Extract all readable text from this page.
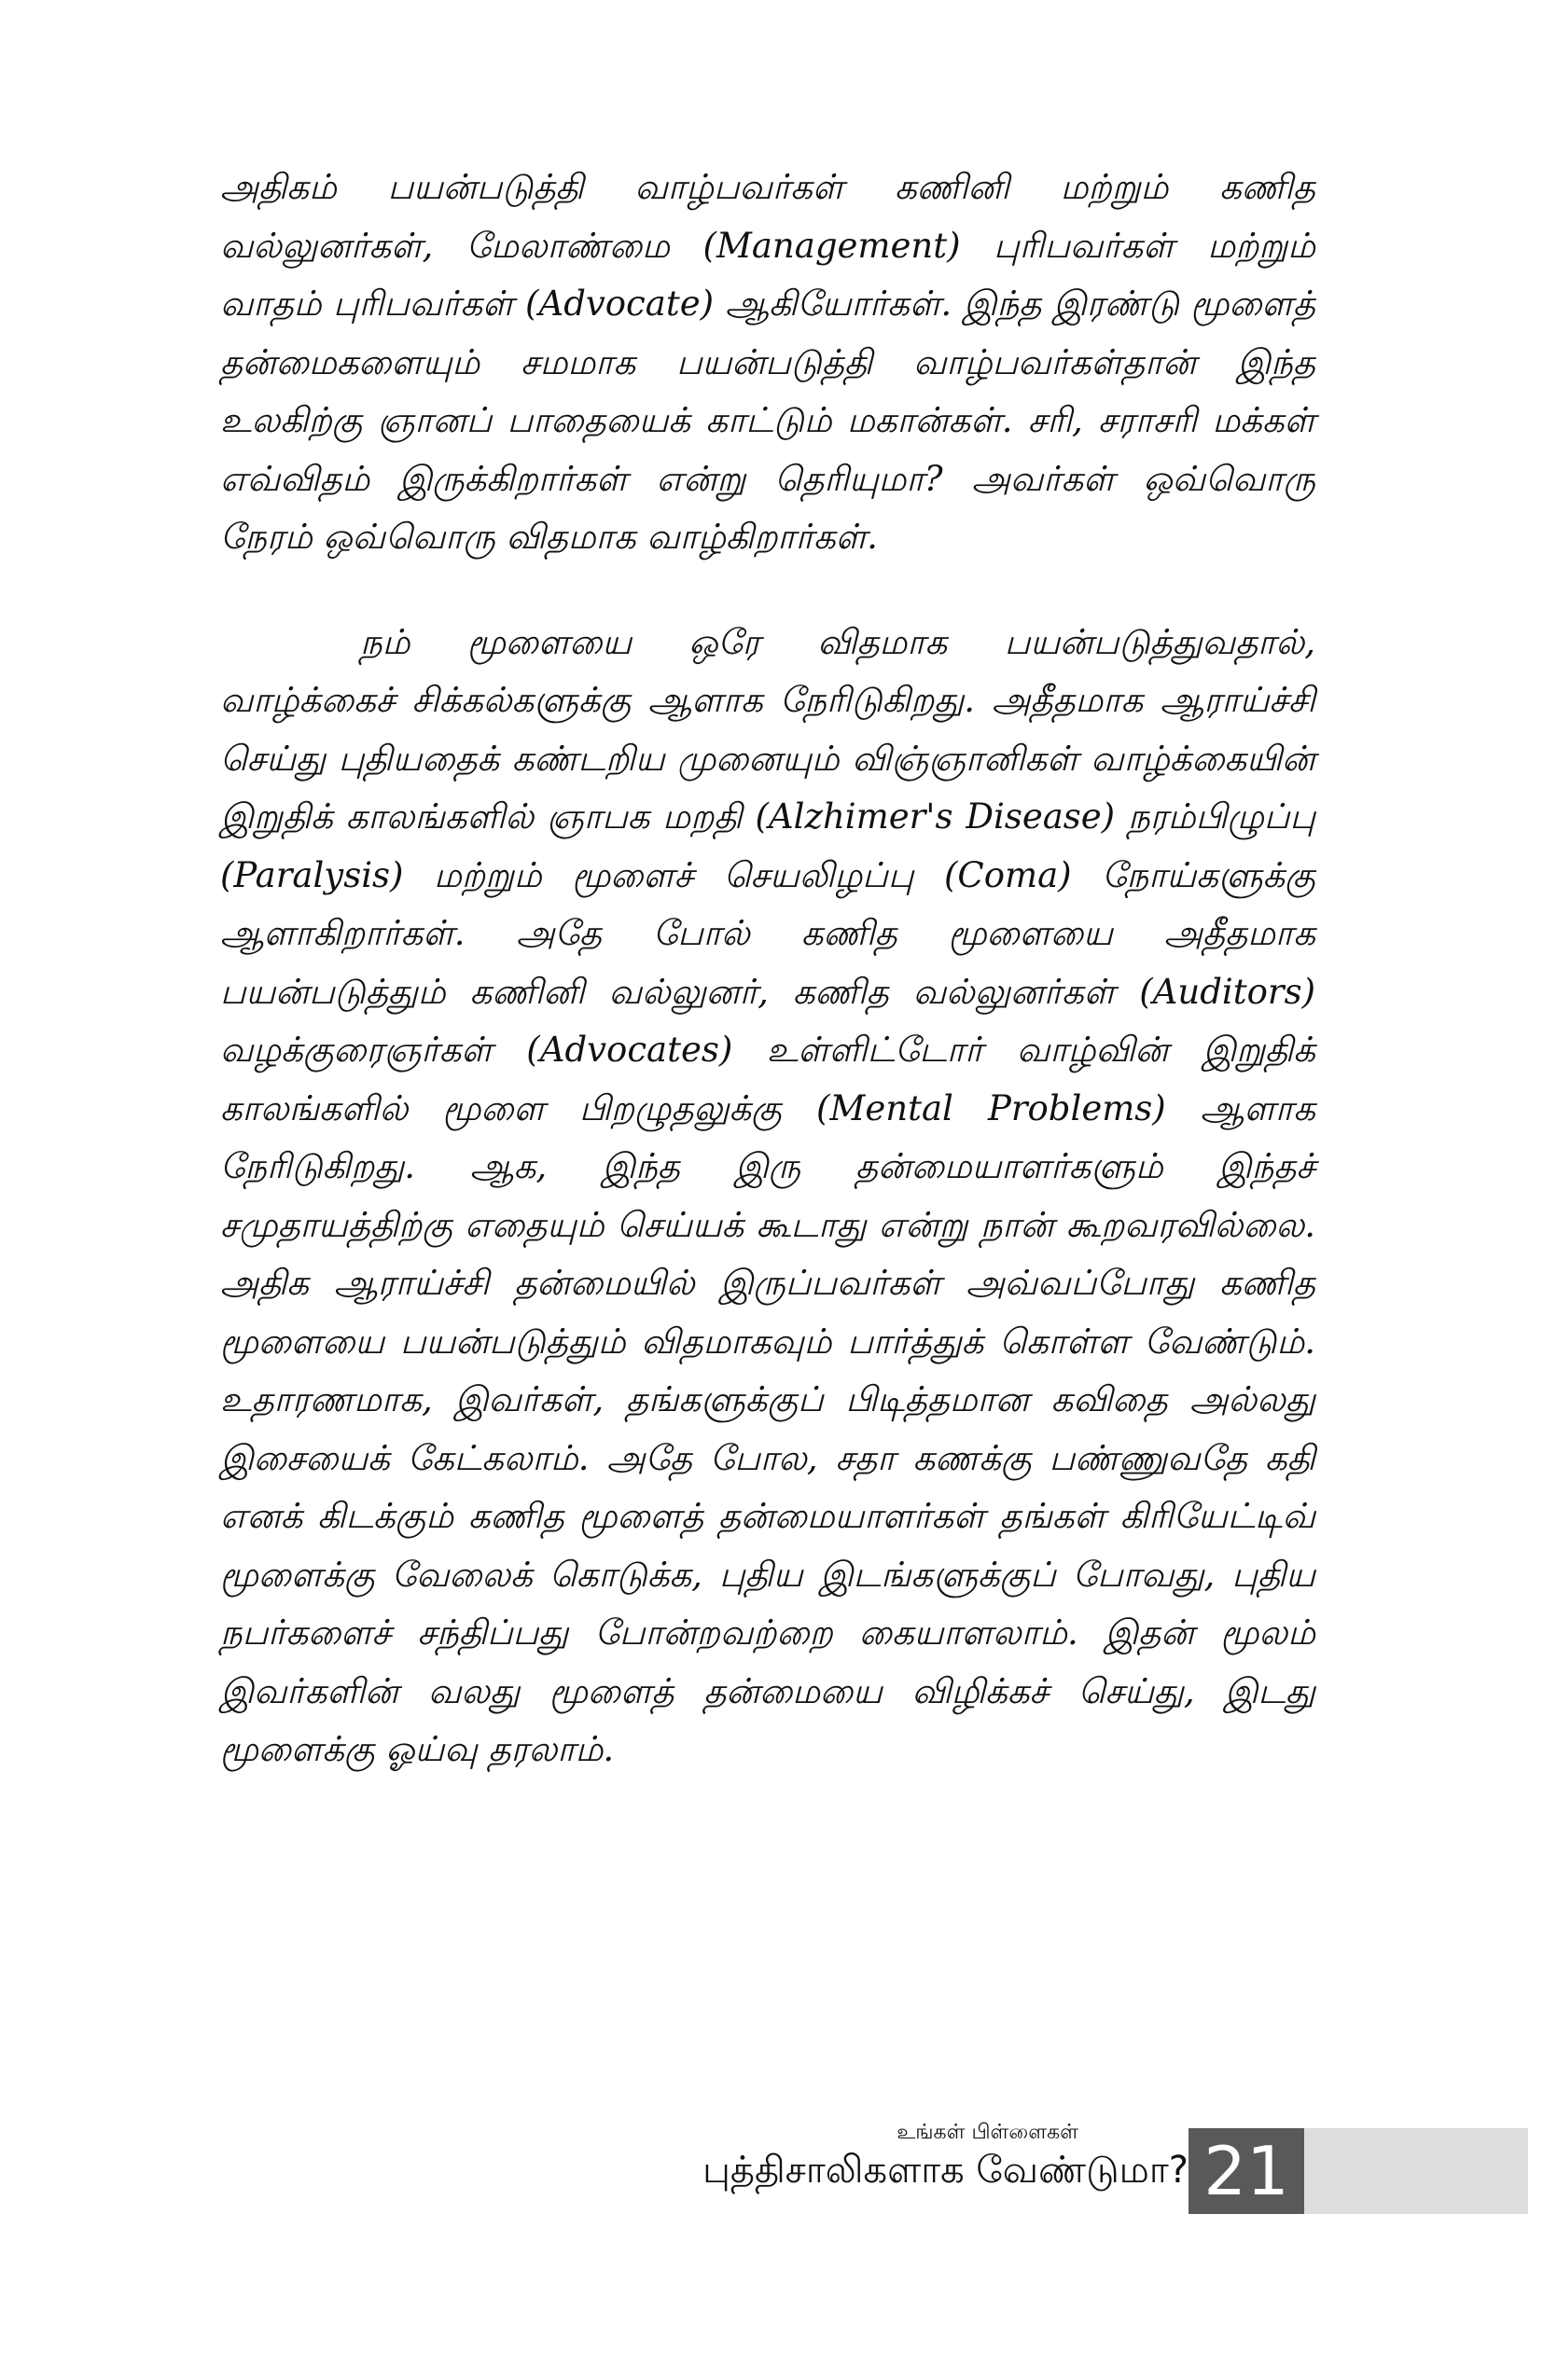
அதிகம் பயன்படுத்தி வாழ்பவர்கள் கணினி மற்றும் கணித வல்லுனர்கள், மேலாண்மை (Management) புரிபவர்கள் மற்றும் வாதம் புரிபவர்கள் (Advocate) ஆகியோர்கள். இந்த இரண்டு மூளைத் தன்மைகளையும் சமமாக பயன்படுத்தி வாழ்பவர்கள்தான் இந்த உலகிற்கு ஞானப் பாதையைக் காட்டும் மகான்கள். சரி, சராசரி மக்கள் எவ்விதம் இருக்கிறார்கள் என்று தெரியுமா? அவர்கள் ஒவ்வொரு நேரம் ஒவ்வொரு விதமாக வாழ்கிறார்கள்.

நம் மூளையை ஒரே விதமாக பயன்படுத்துவதால், வாழ்க்கைச் சிக்கல்களுக்கு ஆளாக நேரிடுகிறது. அதீதமாக ஆராய்ச்சி செய்து புதியதைக் கண்டறிய முனையும் விஞ்ஞானிகள் வாழ்க்கையின் இறுதிக் காலங்களில் ஞாபக மறதி (Alzhimer's Disease) நரம்பிழுப்பு (Paralysis) மற்றும் மூளைச் செயலிழப்பு (Coma) நோய்களுக்கு ஆளாகிறார்கள். அதே போல் கணித மூளையை அதீதமாக பயன்படுத்தும் கணினி வல்லுனர், கணித வல்லுனர்கள் (Auditors) வழக்குரைஞர்கள் (Advocates) உள்ளிட்டோர் வாழ்வின் இறுதிக் காலங்களில் மூளை பிறழுதலுக்கு (Mental Problems) ஆளாக நேரிடுகிறது. ஆக, இந்த இரு தன்மையாளர்களும் இந்தச் சமுதாயத்திற்கு எதையும் செய்யக் கூடாது என்று நான் கூறவரவில்லை. அதிக ஆராய்ச்சி தன்மையில் இருப்பவர்கள் அவ்வப்போது கணித மூளையை பயன்படுத்தும் விதமாகவும் பார்த்துக் கொள்ள வேண்டும். உதாரணமாக, இவர்கள், தங்களுக்குப் பிடித்தமான கவிதை அல்லது இசையைக் கேட்கலாம். அதே போல, சதா கணக்கு பண்ணுவதே கதி எனக் கிடக்கும் கணித மூளைத் தன்மையாளர்கள் தங்கள் கிரியேட்டிவ் மூளைக்கு வேலைக் கொடுக்க, புதிய இடங்களுக்குப் போவது, புதிய நபர்களைச் சந்திப்பது போன்றவற்றை கையாளலாம். இதன் மூலம் இவர்களின் வலது மூளைத் தன்மையை விழிக்கச் செய்து, இடது மூளைக்கு ஓய்வு தரலாம்.

உங்கள் பிள்ளைகள்
புத்திசாலிகளாக வேண்டுமா? 21
